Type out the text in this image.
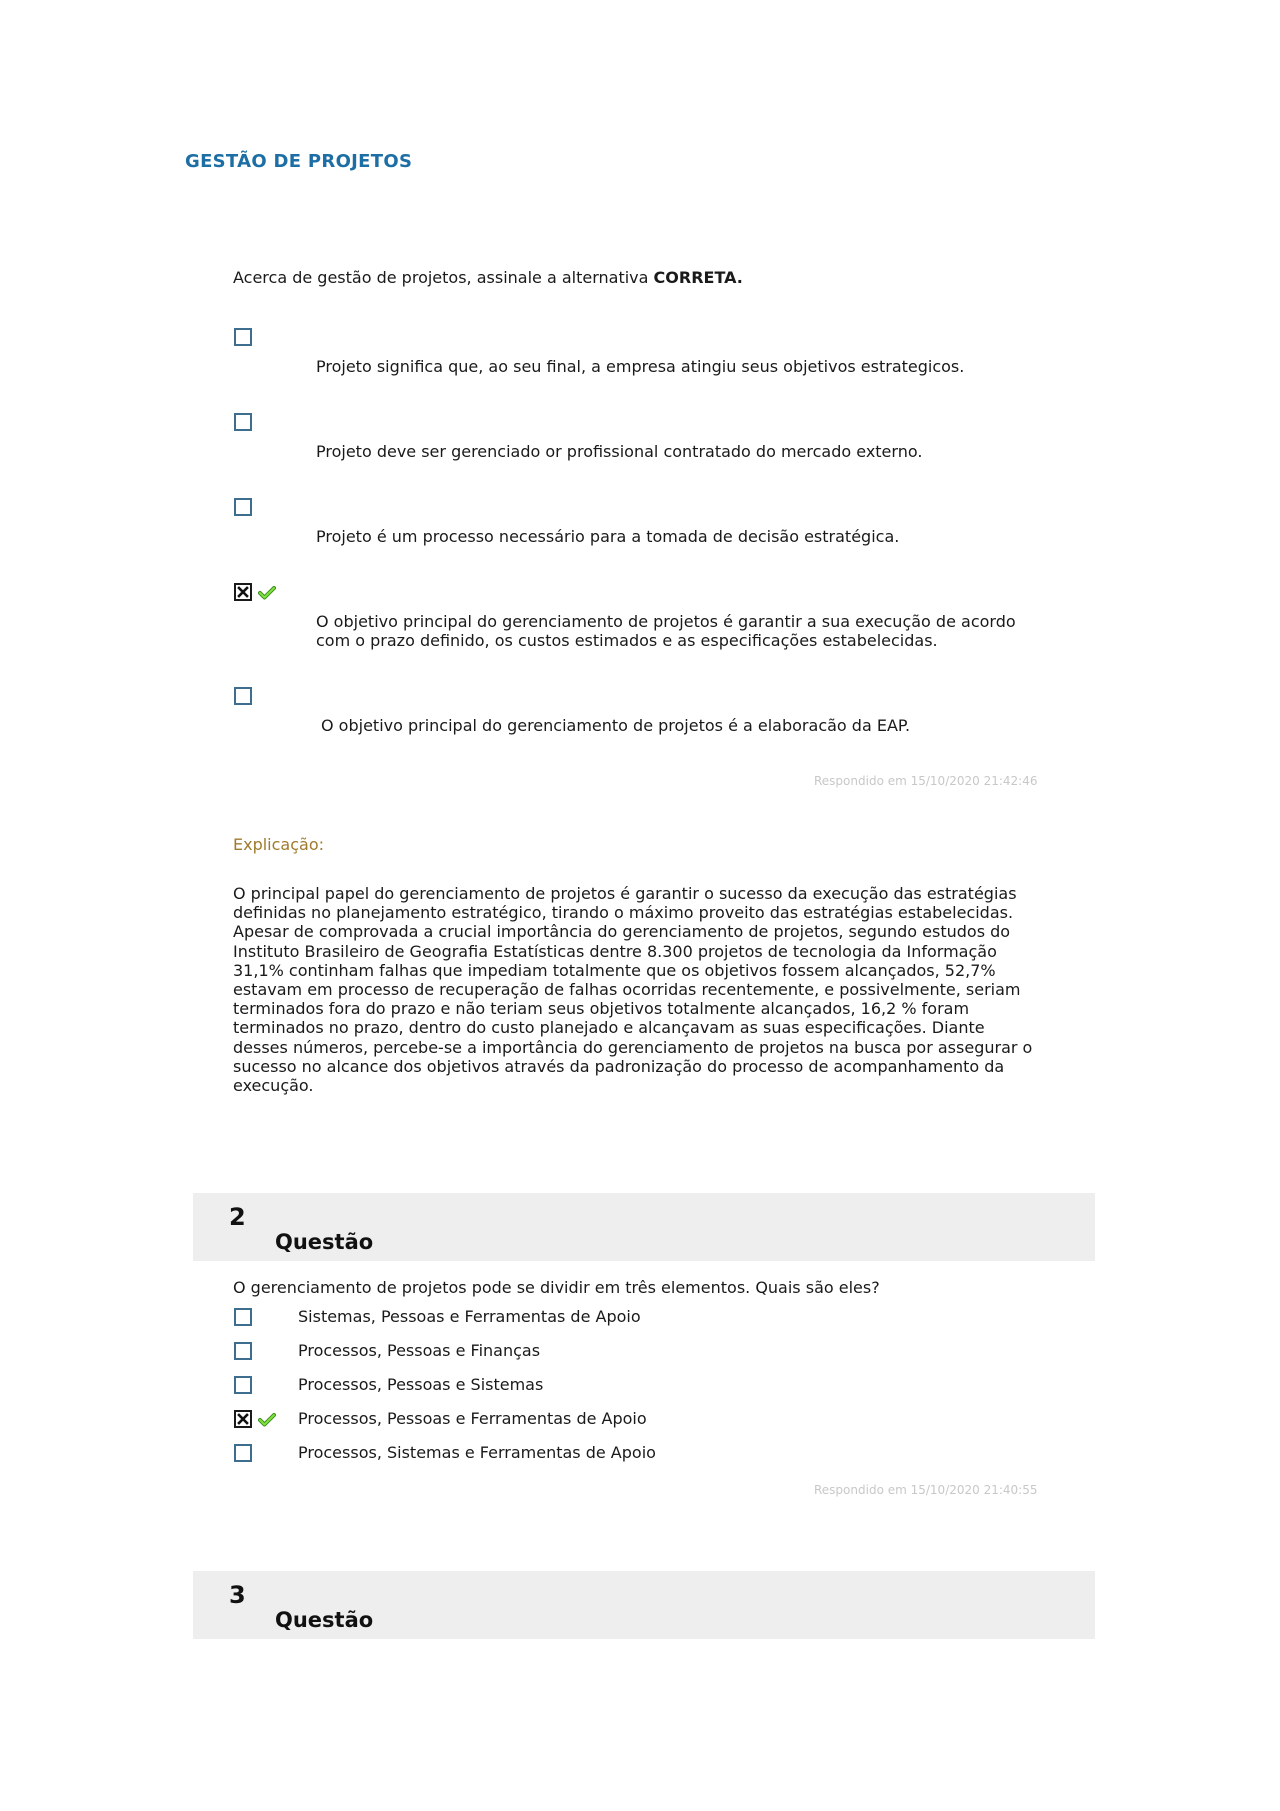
GESTÃO DE PROJETOS
Acerca de gestão de projetos, assinale a alternativa CORRETA.
Projeto significa que, ao seu final, a empresa atingiu seus objetivos estrategicos.
Projeto deve ser gerenciado or profissional contratado do mercado externo.
Projeto é um processo necessário para a tomada de decisão estratégica.
O objetivo principal do gerenciamento de projetos é garantir a sua execução de acordo
com o prazo definido, os custos estimados e as especificações estabelecidas.
O objetivo principal do gerenciamento de projetos é a elaboracão da EAP.
Respondido em 15/10/2020 21:42:46
Explicação:
O principal papel do gerenciamento de projetos é garantir o sucesso da execução das estratégias
definidas no planejamento estratégico, tirando o máximo proveito das estratégias estabelecidas.
Apesar de comprovada a crucial importância do gerenciamento de projetos, segundo estudos do
Instituto Brasileiro de Geografia Estatísticas dentre 8.300 projetos de tecnologia da Informação
31,1% continham falhas que impediam totalmente que os objetivos fossem alcançados, 52,7%
estavam em processo de recuperação de falhas ocorridas recentemente, e possivelmente, seriam
terminados fora do prazo e não teriam seus objetivos totalmente alcançados, 16,2 % foram
terminados no prazo, dentro do custo planejado e alcançavam as suas especificações. Diante
desses números, percebe-se a importância do gerenciamento de projetos na busca por assegurar o
sucesso no alcance dos objetivos através da padronização do processo de acompanhamento da
execução.
2
Questão
O gerenciamento de projetos pode se dividir em três elementos. Quais são eles?
Sistemas, Pessoas e Ferramentas de Apoio
Processos, Pessoas e Finanças
Processos, Pessoas e Sistemas
Processos, Pessoas e Ferramentas de Apoio
Processos, Sistemas e Ferramentas de Apoio
Respondido em 15/10/2020 21:40:55
3
Questão
